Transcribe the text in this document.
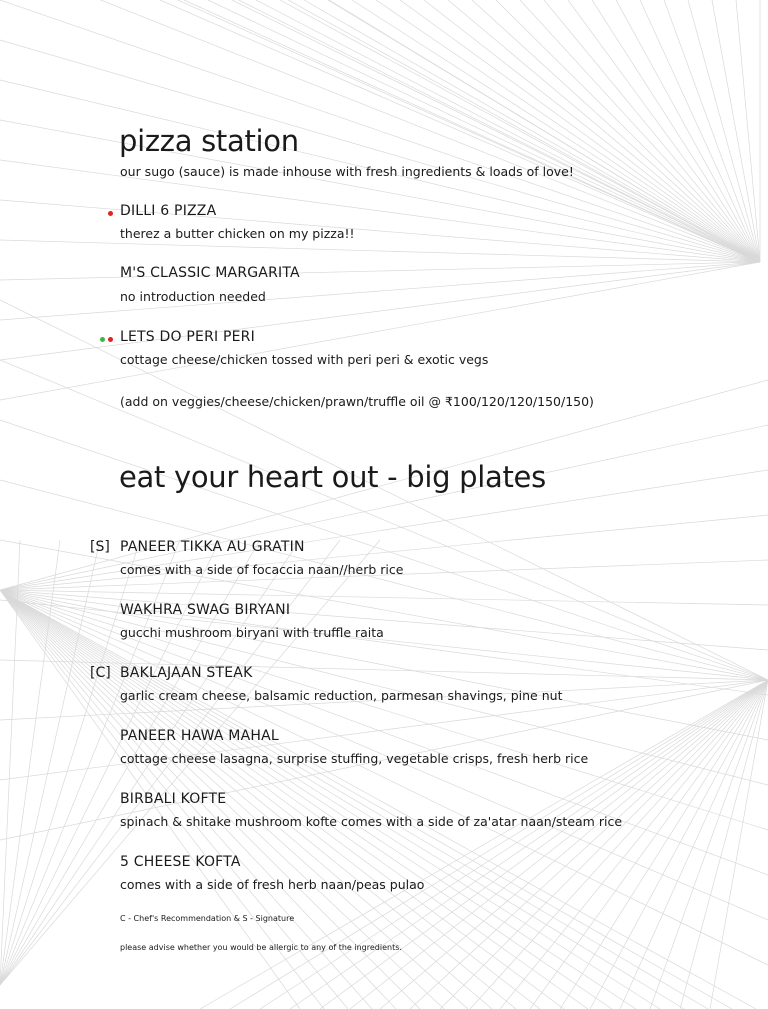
pizza station
our sugo (sauce) is made inhouse with fresh ingredients & loads of love!
DILLI 6 PIZZA
therez a butter chicken on my pizza!!
M'S CLASSIC MARGARITA
no introduction needed
LETS DO PERI PERI
cottage cheese/chicken tossed with peri peri & exotic vegs
(add on veggies/cheese/chicken/prawn/truffle oil @ ₹100/120/120/150/150)
eat your heart out - big plates
[S] PANEER TIKKA AU GRATIN
comes with a side of focaccia naan//herb rice
WAKHRA SWAG BIRYANI
gucchi mushroom biryani with truffle raita
[C] BAKLAJAAN STEAK
garlic cream cheese, balsamic reduction, parmesan shavings, pine nut
PANEER HAWA MAHAL
cottage cheese lasagna, surprise stuffing, vegetable crisps, fresh herb rice
BIRBALI KOFTE
spinach & shitake mushroom kofte comes with a side of za'atar naan/steam rice
5 CHEESE KOFTA
comes with a side of fresh herb naan/peas pulao
C - Chef's Recommendation & S - Signature
please advise whether you would be allergic to any of the ingredients.
